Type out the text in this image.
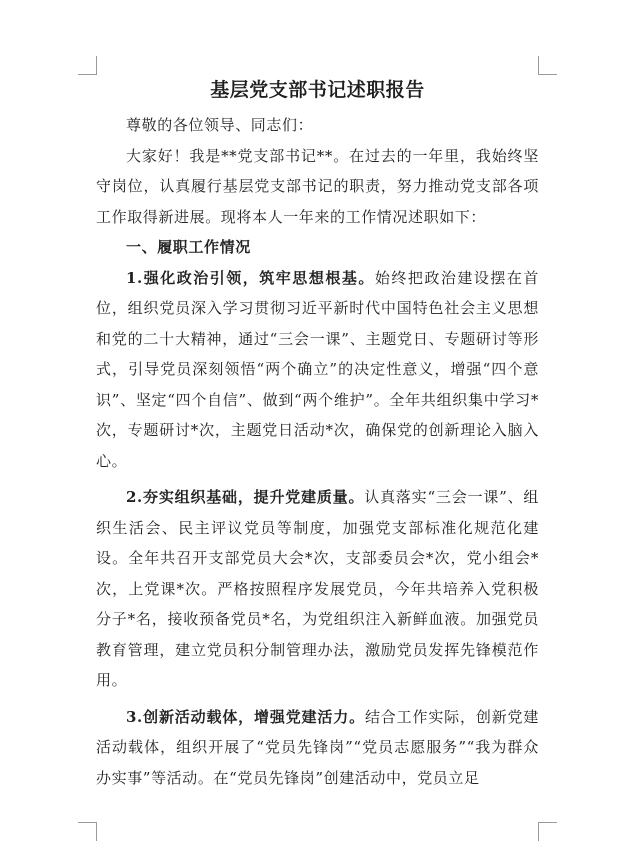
基层党支部书记述职报告

尊敬的各位领导、同志们：

大家好！我是**党支部书记**。在过去的一年里，我始终坚守岗位，认真履行基层党支部书记的职责，努力推动党支部各项工作取得新进展。现将本人一年来的工作情况述职如下：

一、履职工作情况

1.强化政治引领，筑牢思想根基。始终把政治建设摆在首位，组织党员深入学习贯彻习近平新时代中国特色社会主义思想和党的二十大精神，通过“三会一课”、主题党日、专题研讨等形式，引导党员深刻领悟“两个确立”的决定性意义，增强“四个意识”、坚定“四个自信”、做到“两个维护”。全年共组织集中学习*次，专题研讨*次，主题党日活动*次，确保党的创新理论入脑入心。

2.夯实组织基础，提升党建质量。认真落实“三会一课”、组织生活会、民主评议党员等制度，加强党支部标准化规范化建设。全年共召开支部党员大会*次，支部委员会*次，党小组会*次，上党课*次。严格按照程序发展党员，今年共培养入党积极分子*名，接收预备党员*名，为党组织注入新鲜血液。加强党员教育管理，建立党员积分制管理办法，激励党员发挥先锋模范作用。

3.创新活动载体，增强党建活力。结合工作实际，创新党建活动载体，组织开展了“党员先锋岗”“党员志愿服务”“我为群众办实事”等活动。在“党员先锋岗”创建活动中，党员立足
